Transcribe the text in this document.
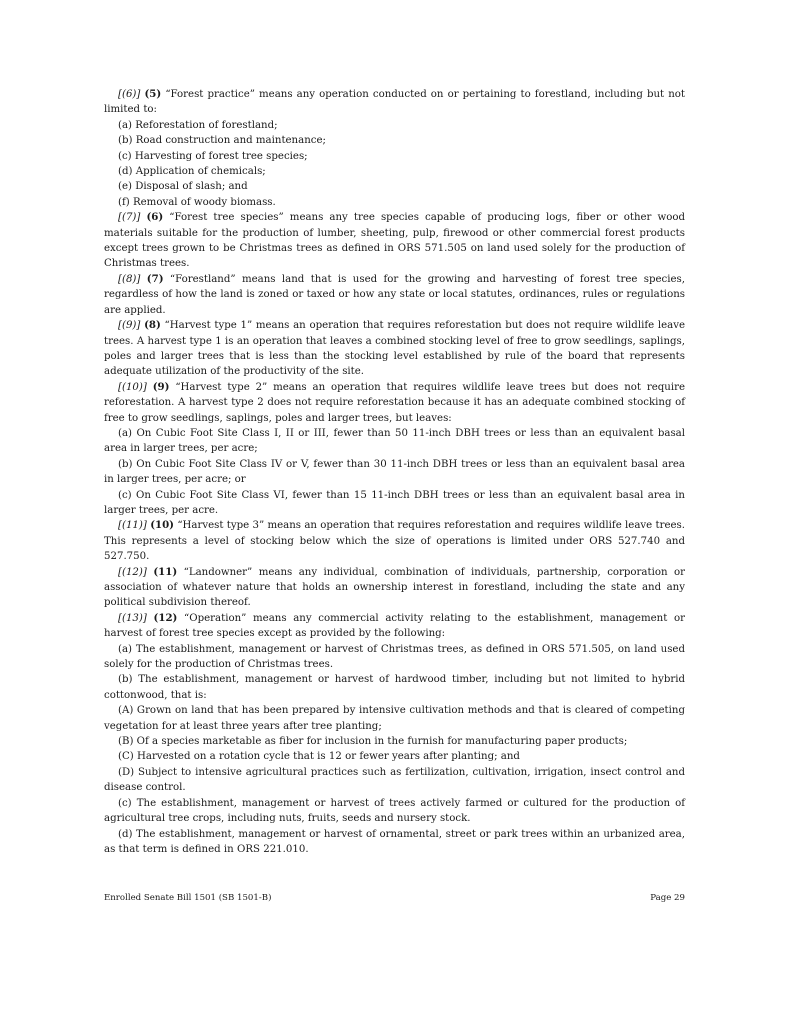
[(6)] (5) “Forest practice” means any operation conducted on or pertaining to forestland, including but not limited to:

(a) Reforestation of forestland;

(b) Road construction and maintenance;

(c) Harvesting of forest tree species;

(d) Application of chemicals;

(e) Disposal of slash; and

(f) Removal of woody biomass.

[(7)] (6) “Forest tree species” means any tree species capable of producing logs, fiber or other wood materials suitable for the production of lumber, sheeting, pulp, firewood or other commercial forest products except trees grown to be Christmas trees as defined in ORS 571.505 on land used solely for the production of Christmas trees.

[(8)] (7) “Forestland” means land that is used for the growing and harvesting of forest tree species, regardless of how the land is zoned or taxed or how any state or local statutes, ordinances, rules or regulations are applied.

[(9)] (8) “Harvest type 1” means an operation that requires reforestation but does not require wildlife leave trees. A harvest type 1 is an operation that leaves a combined stocking level of free to grow seedlings, saplings, poles and larger trees that is less than the stocking level established by rule of the board that represents adequate utilization of the productivity of the site.

[(10)] (9) “Harvest type 2” means an operation that requires wildlife leave trees but does not require reforestation. A harvest type 2 does not require reforestation because it has an adequate combined stocking of free to grow seedlings, saplings, poles and larger trees, but leaves:

(a) On Cubic Foot Site Class I, II or III, fewer than 50 11-inch DBH trees or less than an equivalent basal area in larger trees, per acre;

(b) On Cubic Foot Site Class IV or V, fewer than 30 11-inch DBH trees or less than an equivalent basal area in larger trees, per acre; or

(c) On Cubic Foot Site Class VI, fewer than 15 11-inch DBH trees or less than an equivalent basal area in larger trees, per acre.

[(11)] (10) “Harvest type 3” means an operation that requires reforestation and requires wildlife leave trees. This represents a level of stocking below which the size of operations is limited under ORS 527.740 and 527.750.

[(12)] (11) “Landowner” means any individual, combination of individuals, partnership, corporation or association of whatever nature that holds an ownership interest in forestland, including the state and any political subdivision thereof.

[(13)] (12) “Operation” means any commercial activity relating to the establishment, management or harvest of forest tree species except as provided by the following:

(a) The establishment, management or harvest of Christmas trees, as defined in ORS 571.505, on land used solely for the production of Christmas trees.

(b) The establishment, management or harvest of hardwood timber, including but not limited to hybrid cottonwood, that is:

(A) Grown on land that has been prepared by intensive cultivation methods and that is cleared of competing vegetation for at least three years after tree planting;

(B) Of a species marketable as fiber for inclusion in the furnish for manufacturing paper products;

(C) Harvested on a rotation cycle that is 12 or fewer years after planting; and

(D) Subject to intensive agricultural practices such as fertilization, cultivation, irrigation, insect control and disease control.

(c) The establishment, management or harvest of trees actively farmed or cultured for the production of agricultural tree crops, including nuts, fruits, seeds and nursery stock.

(d) The establishment, management or harvest of ornamental, street or park trees within an urbanized area, as that term is defined in ORS 221.010.

Enrolled Senate Bill 1501 (SB 1501-B)	Page 29
